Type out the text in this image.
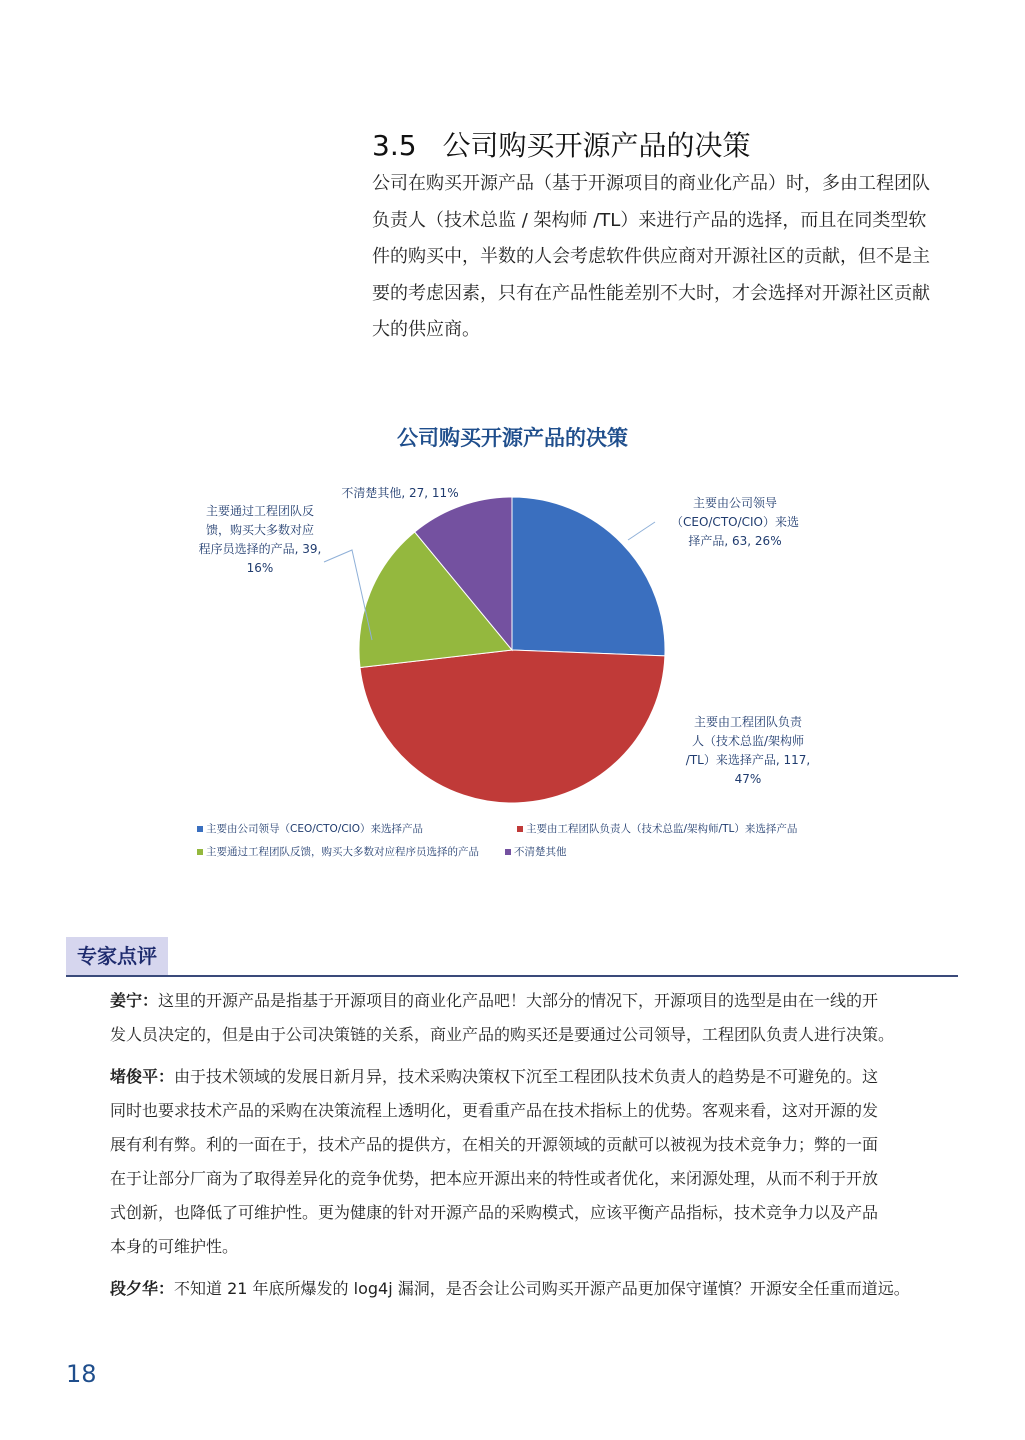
3.5 公司购买开源产品的决策
公司在购买开源产品（基于开源项目的商业化产品）时，多由工程团队
负责人（技术总监 / 架构师 /TL）来进行产品的选择，而且在同类型软
件的购买中，半数的人会考虑软件供应商对开源社区的贡献，但不是主
要的考虑因素，只有在产品性能差别不大时，才会选择对开源社区贡献
大的供应商。
公司购买开源产品的决策
主要由公司领导
（CEO/CTO/CIO）来选
择产品, 63, 26%
主要由工程团队负责
人（技术总监/架构师
/TL）来选择产品, 117,
47%
主要通过工程团队反
馈，购买大多数对应
程序员选择的产品, 39,
16%
不清楚其他, 27, 11%
主要由公司领导（CEO/CTO/CIO）来选择产品	主要由工程团队负责人（技术总监/架构师/TL）来选择产品
主要通过工程团队反馈，购买大多数对应程序员选择的产品	不清楚其他
专家点评
姜宁：这里的开源产品是指基于开源项目的商业化产品吧！大部分的情况下，开源项目的选型是由在一线的开
发人员决定的，但是由于公司决策链的关系，商业产品的购买还是要通过公司领导，工程团队负责人进行决策。
堵俊平：由于技术领域的发展日新月异，技术采购决策权下沉至工程团队技术负责人的趋势是不可避免的。这
同时也要求技术产品的采购在决策流程上透明化，更看重产品在技术指标上的优势。客观来看，这对开源的发
展有利有弊。利的一面在于，技术产品的提供方，在相关的开源领域的贡献可以被视为技术竞争力；弊的一面
在于让部分厂商为了取得差异化的竞争优势，把本应开源出来的特性或者优化，来闭源处理，从而不利于开放
式创新，也降低了可维护性。更为健康的针对开源产品的采购模式，应该平衡产品指标，技术竞争力以及产品
本身的可维护性。
段夕华：不知道 21 年底所爆发的 log4j 漏洞，是否会让公司购买开源产品更加保守谨慎？开源安全任重而道远。
18
